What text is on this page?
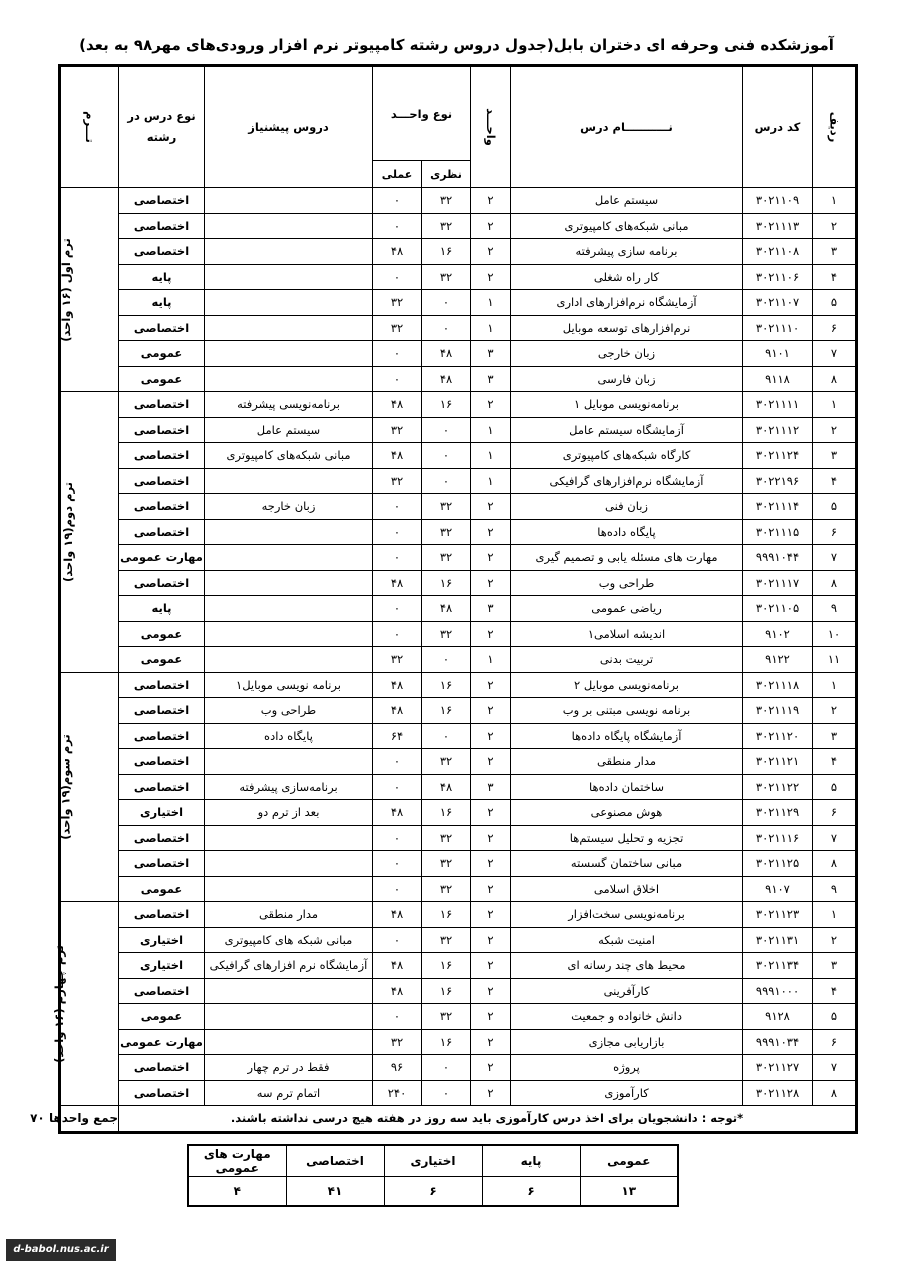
آموزشکده فنی وحرفه ای دختران بابل(جدول دروس رشته کامپیوتر نرم افزار ورودی‌های مهر۹۸ به بعد)
ردیف	کد درس	نـــــــــــام درس	واحـــد	نوع واحـــد		دروس پیشنیاز	نوع درس در رشته	تـــرم
				نظری	عملی			
۱	۳۰۲۱۱۰۹	سیستم عامل	۲	۳۲	۰		اختصاصی	ترم اول (۱۶ واحد)
۲	۳۰۲۱۱۱۳	مبانی شبکه‌های کامپیوتری	۲	۳۲	۰		اختصاصی	
۳	۳۰۲۱۱۰۸	برنامه سازی پیشرفته	۲	۱۶	۴۸		اختصاصی	
۴	۳۰۲۱۱۰۶	کار راه شغلی	۲	۳۲	۰		پایه	
۵	۳۰۲۱۱۰۷	آزمایشگاه نرم‌افزارهای اداری	۱	۰	۳۲		پایه	
۶	۳۰۲۱۱۱۰	نرم‌افزارهای توسعه موبایل	۱	۰	۳۲		اختصاصی	
۷	۹۱۰۱	زبان خارجی	۳	۴۸	۰		عمومی	
۸	۹۱۱۸	زبان فارسی	۳	۴۸	۰		عمومی	
۱	۳۰۲۱۱۱۱	برنامه‌نویسی موبایل ۱	۲	۱۶	۴۸	برنامه‌نویسی پیشرفته	اختصاصی	ترم دوم(۱۹ واحد)
۲	۳۰۲۱۱۱۲	آزمایشگاه سیستم عامل	۱	۰	۳۲	سیستم عامل	اختصاصی	
۳	۳۰۲۱۱۲۴	کارگاه شبکه‌های کامپیوتری	۱	۰	۴۸	مبانی شبکه‌های کامپیوتری	اختصاصی	
۴	۳۰۲۲۱۹۶	آزمایشگاه نرم‌افزارهای گرافیکی	۱	۰	۳۲		اختصاصی	
۵	۳۰۲۱۱۱۴	زبان فنی	۲	۳۲	۰	زبان خارجه	اختصاصی	
۶	۳۰۲۱۱۱۵	پایگاه داده‌ها	۲	۳۲	۰		اختصاصی	
۷	۹۹۹۱۰۴۴	مهارت های مسئله یابی و تصمیم گیری	۲	۳۲	۰		مهارت عمومی	
۸	۳۰۲۱۱۱۷	طراحی وب	۲	۱۶	۴۸		اختصاصی	
۹	۳۰۲۱۱۰۵	ریاضی عمومی	۳	۴۸	۰		پایه	
۱۰	۹۱۰۲	اندیشه اسلامی۱	۲	۳۲	۰		عمومی	
۱۱	۹۱۲۲	تربیت بدنی	۱	۰	۳۲		عمومی	
۱	۳۰۲۱۱۱۸	برنامه‌نویسی موبایل ۲	۲	۱۶	۴۸	برنامه نویسی موبایل۱	اختصاصی	ترم سوم(۱۹ واحد)
۲	۳۰۲۱۱۱۹	برنامه نویسی مبتنی بر وب	۲	۱۶	۴۸	طراحی وب	اختصاصی	
۳	۳۰۲۱۱۲۰	آزمایشگاه پایگاه داده‌ها	۲	۰	۶۴	پایگاه داده	اختصاصی	
۴	۳۰۲۱۱۲۱	مدار منطقی	۲	۳۲	۰		اختصاصی	
۵	۳۰۲۱۱۲۲	ساختمان داده‌ها	۳	۴۸	۰	برنامه‌سازی پیشرفته	اختصاصی	
۶	۳۰۲۱۱۲۹	هوش مصنوعی	۲	۱۶	۴۸	بعد از ترم دو	اختیاری	
۷	۳۰۲۱۱۱۶	تجزیه و تحلیل سیستم‌ها	۲	۳۲	۰		اختصاصی	
۸	۳۰۲۱۱۲۵	مبانی ساختمان گسسته	۲	۳۲	۰		اختصاصی	
۹	۹۱۰۷	اخلاق اسلامی	۲	۳۲	۰		عمومی	
۱	۳۰۲۱۱۲۳	برنامه‌نویسی سخت‌افزار	۲	۱۶	۴۸	مدار منطقی	اختصاصی	ترم چهارم (۱۶ واحد)
۲	۳۰۲۱۱۳۱	امنیت شبکه	۲	۳۲	۰	مبانی شبکه های کامپیوتری	اختیاری	
۳	۳۰۲۱۱۳۴	محیط های چند رسانه ای	۲	۱۶	۴۸	آزمایشگاه نرم افزارهای گرافیکی	اختیاری	
۴	۹۹۹۱۰۰۰	کارآفرینی	۲	۱۶	۴۸		اختصاصی	
۵	۹۱۲۸	دانش خانواده و جمعیت	۲	۳۲	۰		عمومی	
۶	۹۹۹۱۰۳۴	بازاریابی مجازی	۲	۱۶	۳۲		مهارت عمومی	
۷	۳۰۲۱۱۲۷	پروژه	۲	۰	۹۶	فقط در ترم چهار	اختصاصی	
۸	۳۰۲۱۱۲۸	کارآموزی	۲	۰	۲۴۰	اتمام ترم سه	اختصاصی	
*توجه : دانشجویان برای اخذ درس کارآموزی باید سه روز در هفته هیچ درسی نداشته باشند.								جمع واحدها ۷۰
عمومی	پایه	اختیاری	اختصاصی	مهارت های عمومی
۱۳	۶	۶	۴۱	۴
d-babol.nus.ac.ir
